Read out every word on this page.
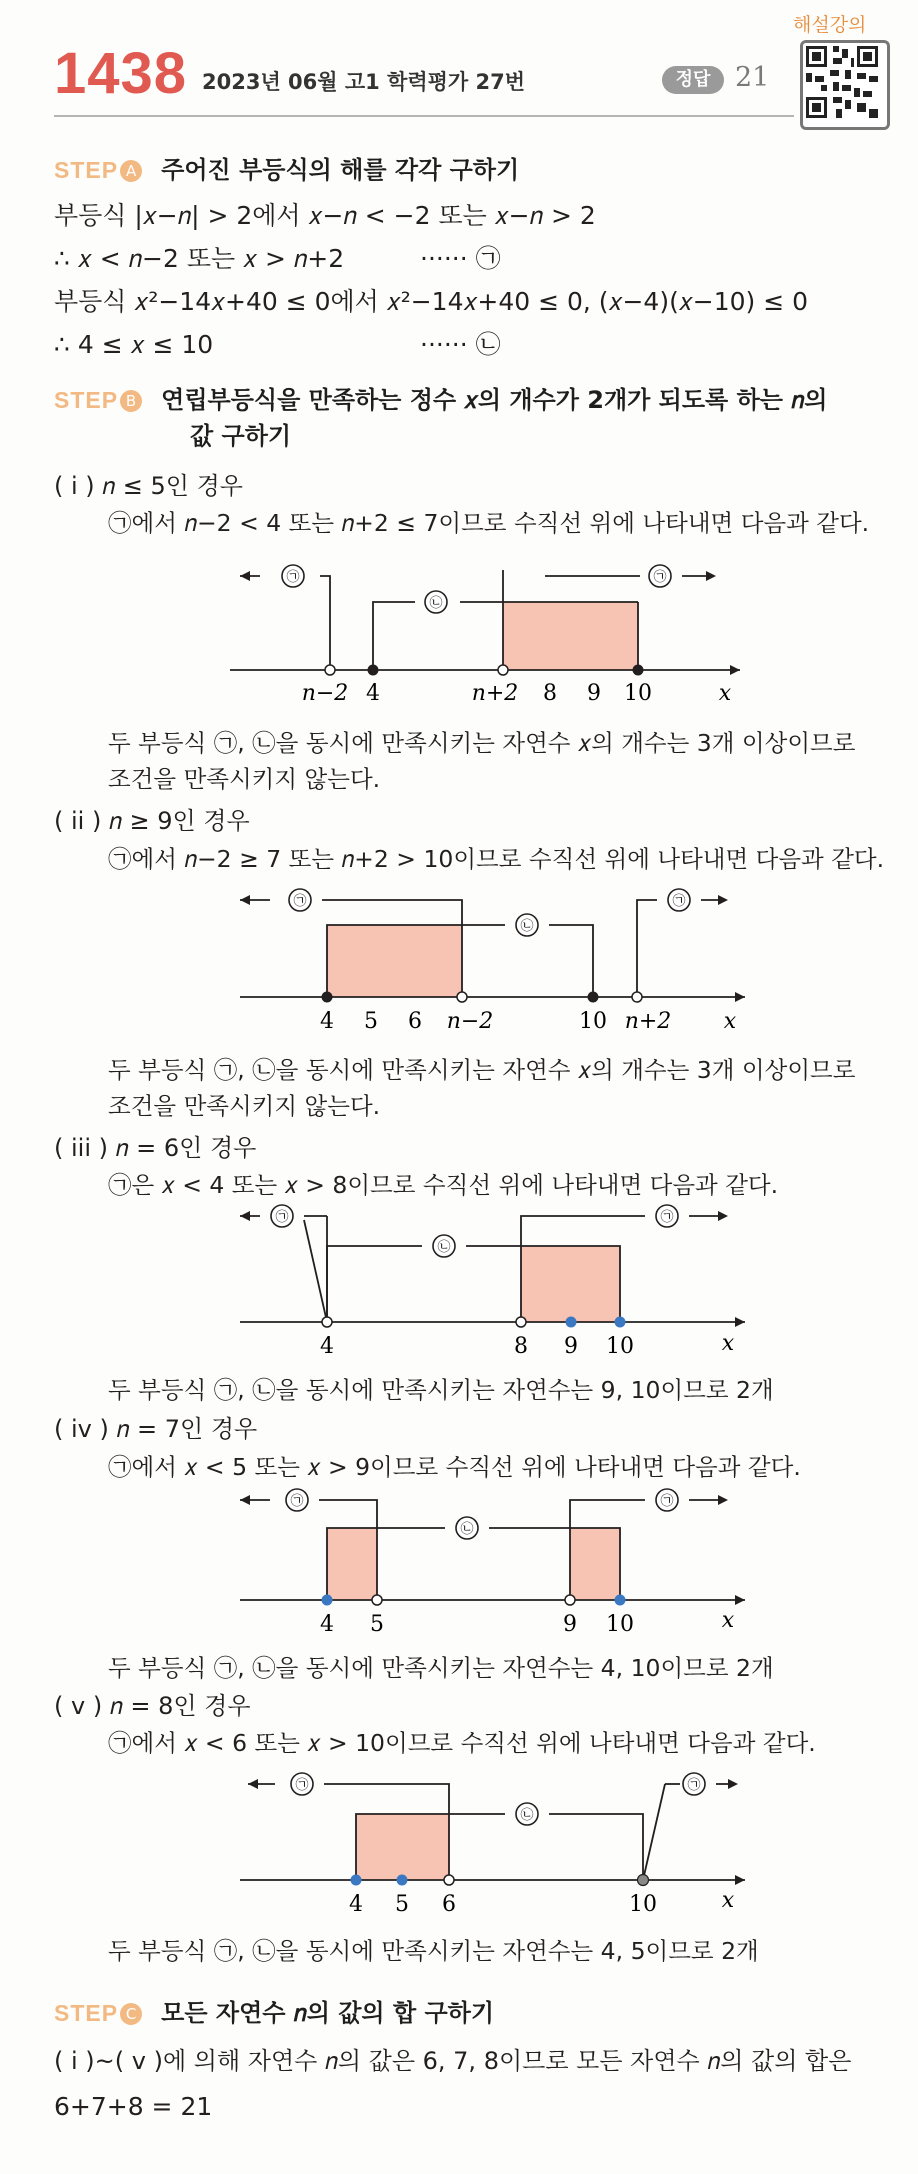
1438 2023년 06월 고1 학력평가 27번	정답 21
해설강의
STEP A 주어진 부등식의 해를 각각 구하기
부등식 |𝑥−𝑛| > 2에서 𝑥−𝑛 < −2 또는 𝑥−𝑛 > 2
∴ 𝑥 < 𝑛−2 또는 𝑥 > 𝑛+2	······ ㉠
부등식 𝑥²−14𝑥+40 ≤ 0에서 𝑥²−14𝑥+40 ≤ 0, (𝑥−4)(𝑥−10) ≤ 0
∴ 4 ≤ 𝑥 ≤ 10	······ ㉡
STEP B 연립부등식을 만족하는 정수 𝑥의 개수가 2개가 되도록 하는 𝑛의
값 구하기
( i ) 𝑛 ≤ 5인 경우
㉠에서 𝑛−2 < 4 또는 𝑛+2 ≤ 7이므로 수직선 위에 나타내면 다음과 같다.
㉠
㉡
㉠
𝑛−2 4	𝑛+2 8 9 10	𝑥
두 부등식 ㉠, ㉡을 동시에 만족시키는 자연수 𝑥의 개수는 3개 이상이므로
조건을 만족시키지 않는다.
( ii ) 𝑛 ≥ 9인 경우
㉠에서 𝑛−2 ≥ 7 또는 𝑛+2 > 10이므로 수직선 위에 나타내면 다음과 같다.
㉠
㉡
㉠
4 5 6 𝑛−2	10 𝑛+2 𝑥
두 부등식 ㉠, ㉡을 동시에 만족시키는 자연수 𝑥의 개수는 3개 이상이므로
조건을 만족시키지 않는다.
( iii ) 𝑛 = 6인 경우
㉠은 𝑥 < 4 또는 𝑥 > 8이므로 수직선 위에 나타내면 다음과 같다.
㉠
㉡
㉠
4	8 9 10	𝑥
두 부등식 ㉠, ㉡을 동시에 만족시키는 자연수는 9, 10이므로 2개
( iv ) 𝑛 = 7인 경우
㉠에서 𝑥 < 5 또는 𝑥 > 9이므로 수직선 위에 나타내면 다음과 같다.
㉠
㉡
㉠
4 5	9 10	𝑥
두 부등식 ㉠, ㉡을 동시에 만족시키는 자연수는 4, 10이므로 2개
( v ) 𝑛 = 8인 경우
㉠에서 𝑥 < 6 또는 𝑥 > 10이므로 수직선 위에 나타내면 다음과 같다.
㉠
㉡
㉠
4 5 6	10	𝑥
두 부등식 ㉠, ㉡을 동시에 만족시키는 자연수는 4, 5이므로 2개
STEP C 모든 자연수 𝑛의 값의 합 구하기
( i )~( v )에 의해 자연수 𝑛의 값은 6, 7, 8이므로 모든 자연수 𝑛의 값의 합은
6+7+8 = 21
